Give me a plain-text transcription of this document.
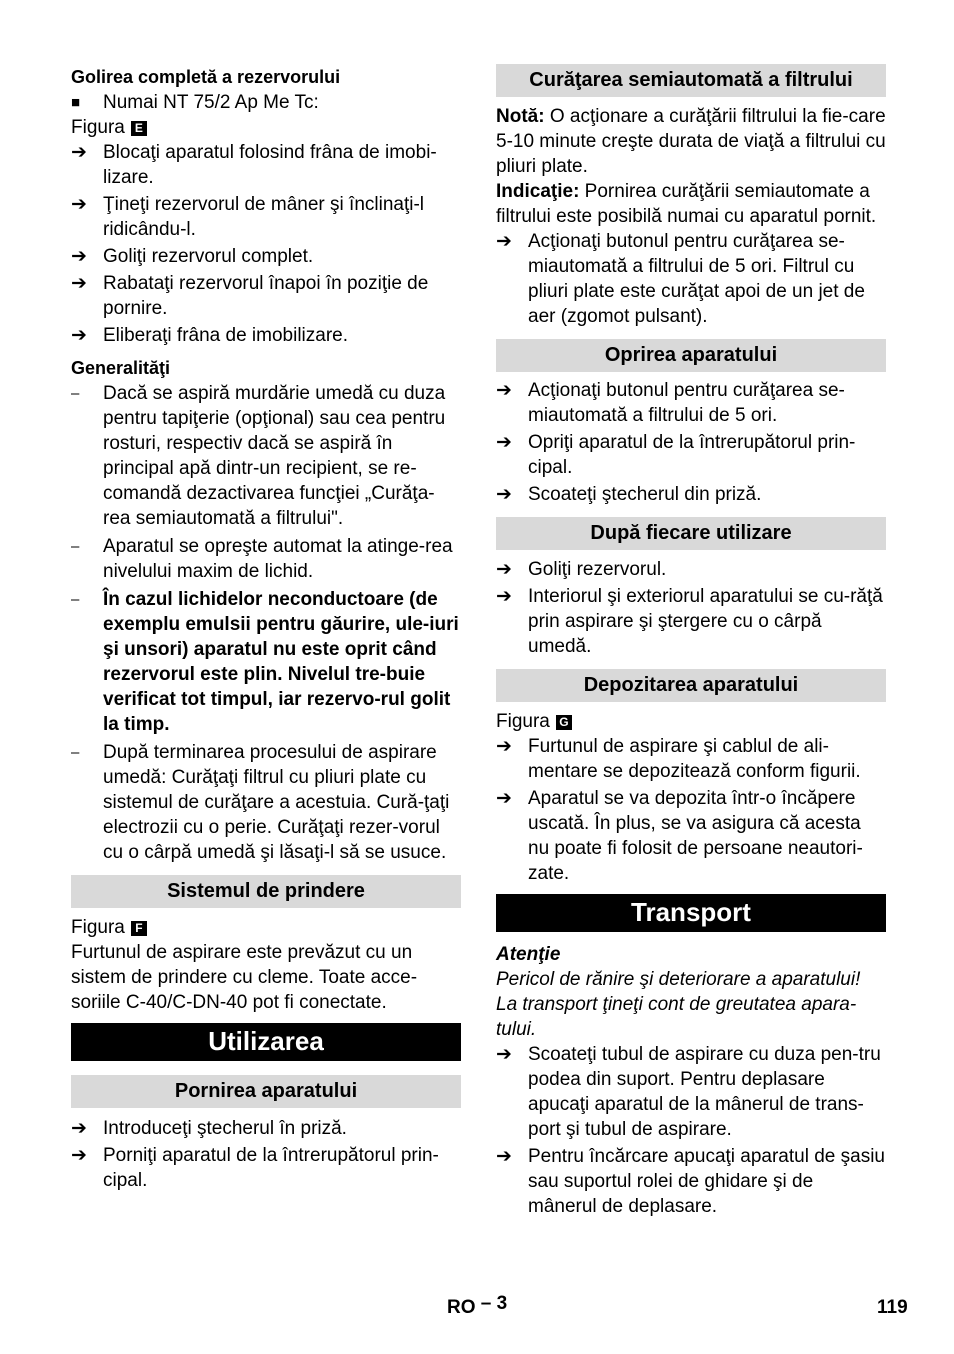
Golirea completă a rezervorului
■	Numai NT 75/2 Ap Me Tc:
Figura E
➔ Blocaţi aparatul folosind frâna de imobi-lizare.
➔ Ţineţi rezervorul de mâner şi înclinaţi-l ridicându-l.
➔ Goliţi rezervorul complet.
➔ Rabataţi rezervorul înapoi în poziţie de pornire.
➔ Eliberaţi frâna de imobilizare.
Generalităţi
–	Dacă se aspiră murdărie umedă cu duza pentru tapiţerie (opţional) sau cea pentru rosturi, respectiv dacă se aspiră în principal apă dintr-un recipient, se re-comandă dezactivarea funcţiei „Curăţa-rea semiautomată a filtrului".
–	Aparatul se opreşte automat la atinge-rea nivelului maxim de lichid.
–	În cazul lichidelor neconductoare (de exemplu emulsii pentru găurire, ule-iuri şi unsori) aparatul nu este oprit când rezervorul este plin. Nivelul tre-buie verificat tot timpul, iar rezervo-rul golit la timp.
–	După terminarea procesului de aspirare umedă: Curăţaţi filtrul cu pliuri plate cu sistemul de curăţare a acestuia. Cură-ţaţi electrozii cu o perie. Curăţaţi rezer-vorul cu o cârpă umedă şi lăsaţi-l să se usuce.
Sistemul de prindere
Figura F
Furtunul de aspirare este prevăzut cu un sistem de prindere cu cleme. Toate acce-soriile C-40/C-DN-40 pot fi conectate.
Utilizarea
Pornirea aparatului
➔ Introduceţi ştecherul în priză.
➔ Porniţi aparatul de la întrerupătorul prin-cipal.
Curăţarea semiautomată a filtrului
Notă: O acţionare a curăţării filtrului la fie-care 5-10 minute creşte durata de viaţă a filtrului cu pliuri plate.
Indicaţie: Pornirea curăţării semiautomate a filtrului este posibilă numai cu aparatul pornit.
➔ Acţionaţi butonul pentru curăţarea se-miautomată a filtrului de 5 ori. Filtrul cu pliuri plate este curăţat apoi de un jet de aer (zgomot pulsant).
Oprirea aparatului
➔ Acţionaţi butonul pentru curăţarea se-miautomată a filtrului de 5 ori.
➔ Opriţi aparatul de la întrerupătorul prin-cipal.
➔ Scoateţi ştecherul din priză.
După fiecare utilizare
➔ Goliţi rezervorul.
➔ Interiorul şi exteriorul aparatului se cu-răţă prin aspirare şi ştergere cu o cârpă umedă.
Depozitarea aparatului
Figura G
➔ Furtunul de aspirare şi cablul de ali-mentare se depozitează conform figurii.
➔ Aparatul se va depozita într-o încăpere uscată. În plus, se va asigura că acesta nu poate fi folosit de persoane neautori-zate.
Transport
Atenţie
Pericol de rănire şi deteriorare a aparatului! La transport ţineţi cont de greutatea apara-tului.
➔ Scoateţi tubul de aspirare cu duza pen-tru podea din suport. Pentru deplasare apucaţi aparatul de la mânerul de trans-port şi tubul de aspirare.
➔ Pentru încărcare apucaţi aparatul de şasiu sau suportul rolei de ghidare şi de mânerul de deplasare.
RO – 3	119
